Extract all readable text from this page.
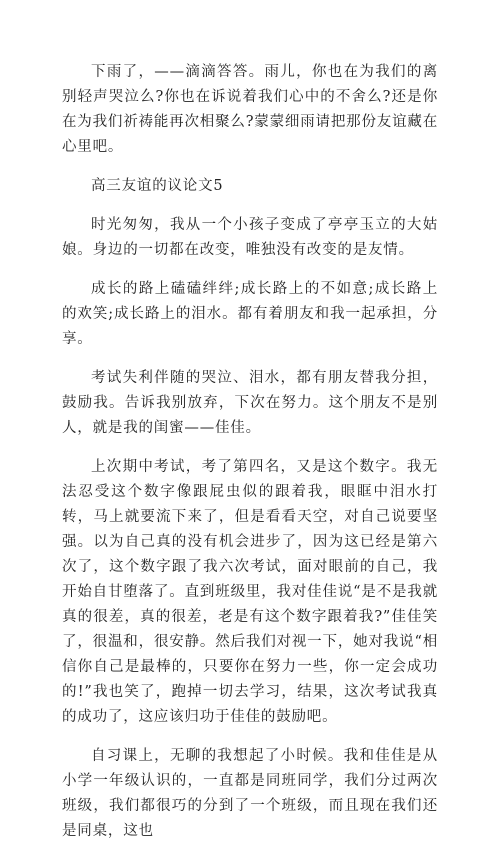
下雨了，——滴滴答答。雨儿，你也在为我们的离别轻声哭泣么?你也在诉说着我们心中的不舍么?还是你在为我们祈祷能再次相聚么?蒙蒙细雨请把那份友谊藏在心里吧。

高三友谊的议论文5

时光匆匆，我从一个小孩子变成了亭亭玉立的大姑娘。身边的一切都在改变，唯独没有改变的是友情。

成长的路上磕磕绊绊;成长路上的不如意;成长路上的欢笑;成长路上的泪水。都有着朋友和我一起承担，分享。

考试失利伴随的哭泣、泪水，都有朋友替我分担，鼓励我。告诉我别放弃，下次在努力。这个朋友不是别人，就是我的闺蜜——佳佳。

上次期中考试，考了第四名，又是这个数字。我无法忍受这个数字像跟屁虫似的跟着我，眼眶中泪水打转，马上就要流下来了，但是看看天空，对自己说要坚强。以为自己真的没有机会进步了，因为这已经是第六次了，这个数字跟了我六次考试，面对眼前的自己，我开始自甘堕落了。直到班级里，我对佳佳说“是不是我就真的很差，真的很差，老是有这个数字跟着我?”佳佳笑了，很温和，很安静。然后我们对视一下，她对我说“相信你自己是最棒的，只要你在努力一些，你一定会成功的!”我也笑了，跑掉一切去学习，结果，这次考试我真的成功了，这应该归功于佳佳的鼓励吧。

自习课上，无聊的我想起了小时候。我和佳佳是从小学一年级认识的，一直都是同班同学，我们分过两次班级，我们都很巧的分到了一个班级，而且现在我们还是同桌，这也
